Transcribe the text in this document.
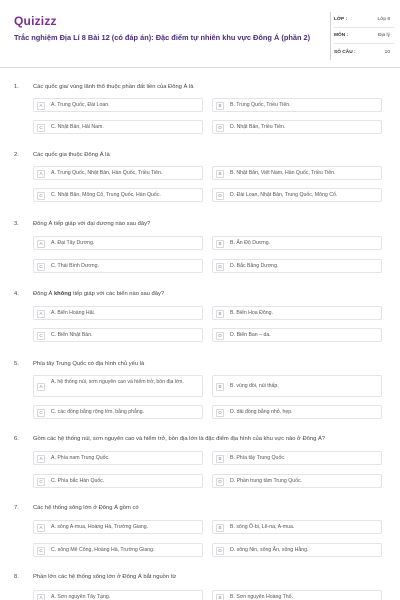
Quizizz
Trắc nghiệm Địa Lí 8 Bài 12 (có đáp án): Đặc điểm tự nhiên khu vực Đông Á (phần 2)
LỚP :	Lớp 8
MÔN :	Địa lý
SỐ CÂU :	10
1. Các quốc gia/ vùng lãnh thổ thuộc phần đất liền của Đông Á là
A	A. Trung Quốc, Đài Loan.	B	B. Trung Quốc, Triều Tiên.
C	C. Nhật Bản, Hải Nam.	D	D. Nhật Bản, Triều Tiên.
2. Các quốc gia thuộc Đông Á là
A	A. Trung Quốc, Nhật Bản, Hàn Quốc, Triều Tiên.	B	B. Nhật Bản, Việt Nam, Hàn Quốc, Triều Tiên.
C	C. Nhật Bản, Mông Cổ, Trung Quốc, Hàn Quốc.	D	D. Đài Loan, Nhật Bản, Trung Quốc, Mông Cổ.
3. Đông Á tiếp giáp với đại dương nào sau đây?
A	A. Đại Tây Dương.	B	B. Ấn Độ Dương.
C	C. Thái Bình Dương.	D	D. Bắc Băng Dương.
4. Đông Á không tiếp giáp với các biển nào sau đây?
A	A. Biển Hoàng Hải.	B	B. Biển Hoa Đông.
C	C. Biển Nhật Bản.	D	D. Biển Ban – da.
5. Phía tây Trung Quốc có địa hình chủ yếu là
A
A. hệ thống núi, sơn nguyên cao và hiểm trở, bồn địa lớn.
B	B. vùng đồi, núi thấp.
C	C. các đồng bằng rộng lớn, bằng phẳng.	D	D. dải đồng bằng nhỏ, hẹp.
6. Gồm các hệ thống núi, sơn nguyên cao và hiểm trở, bồn địa lớn là đặc điểm địa hình của khu vực nào ở Đông Á?
A	A. Phía nam Trung Quốc.	B	B. Phía tây Trung Quốc.
C	C. Phía bắc Hàn Quốc.	D	D. Phần trung tâm Trung Quốc.
7. Các hệ thống sông lớn ở Đông Á gồm có
A	A. sông A-mua, Hoàng Hà, Trường Giang.	B	B. sông Ô-bi, Lê-na, A-mua.
C	C. sông Mê Công, Hoàng Hà, Trường Giang.	D	D. sông Nin, sông Ấn, sông Hằng.
8. Phần lớn các hệ thống sông lớn ở Đông Á bắt nguồn từ
A	A. Sơn nguyên Tây Tạng.	B	B. Sơn nguyên Hoàng Thổ.
